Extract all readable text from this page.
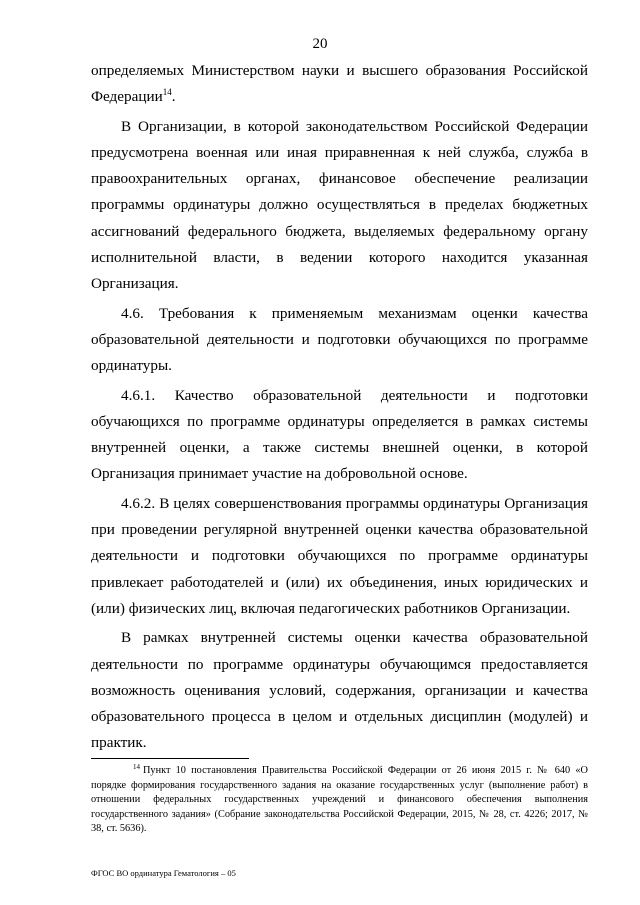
20

определяемых Министерством науки и высшего образования Российской Федерации$^{14}$.

В Организации, в которой законодательством Российской Федерации предусмотрена военная или иная приравненная к ней служба, служба в правоохранительных органах, финансовое обеспечение реализации программы ординатуры должно осуществляться в пределах бюджетных ассигнований федерального бюджета, выделяемых федеральному органу исполнительной власти, в ведении которого находится указанная Организация.

4.6. Требования к применяемым механизмам оценки качества образовательной деятельности и подготовки обучающихся по программе ординатуры.

4.6.1. Качество образовательной деятельности и подготовки обучающихся по программе ординатуры определяется в рамках системы внутренней оценки, а также системы внешней оценки, в которой Организация принимает участие на добровольной основе.

4.6.2. В целях совершенствования программы ординатуры Организация при проведении регулярной внутренней оценки качества образовательной деятельности и подготовки обучающихся по программе ординатуры привлекает работодателей и (или) их объединения, иных юридических и (или) физических лиц, включая педагогических работников Организации.

В рамках внутренней системы оценки качества образовательной деятельности по программе ординатуры обучающимся предоставляется возможность оценивания условий, содержания, организации и качества образовательного процесса в целом и отдельных дисциплин (модулей) и практик.

$^{14}$ Пункт 10 постановления Правительства Российской Федерации от 26 июня 2015 г. № 640 «О порядке формирования государственного задания на оказание государственных услуг (выполнение работ) в отношении федеральных государственных учреждений и финансового обеспечения выполнения государственного задания» (Собрание законодательства Российской Федерации, 2015, № 28, ст. 4226; 2017, № 38, ст. 5636).
ФГОС ВО ординатура Гематология – 05
